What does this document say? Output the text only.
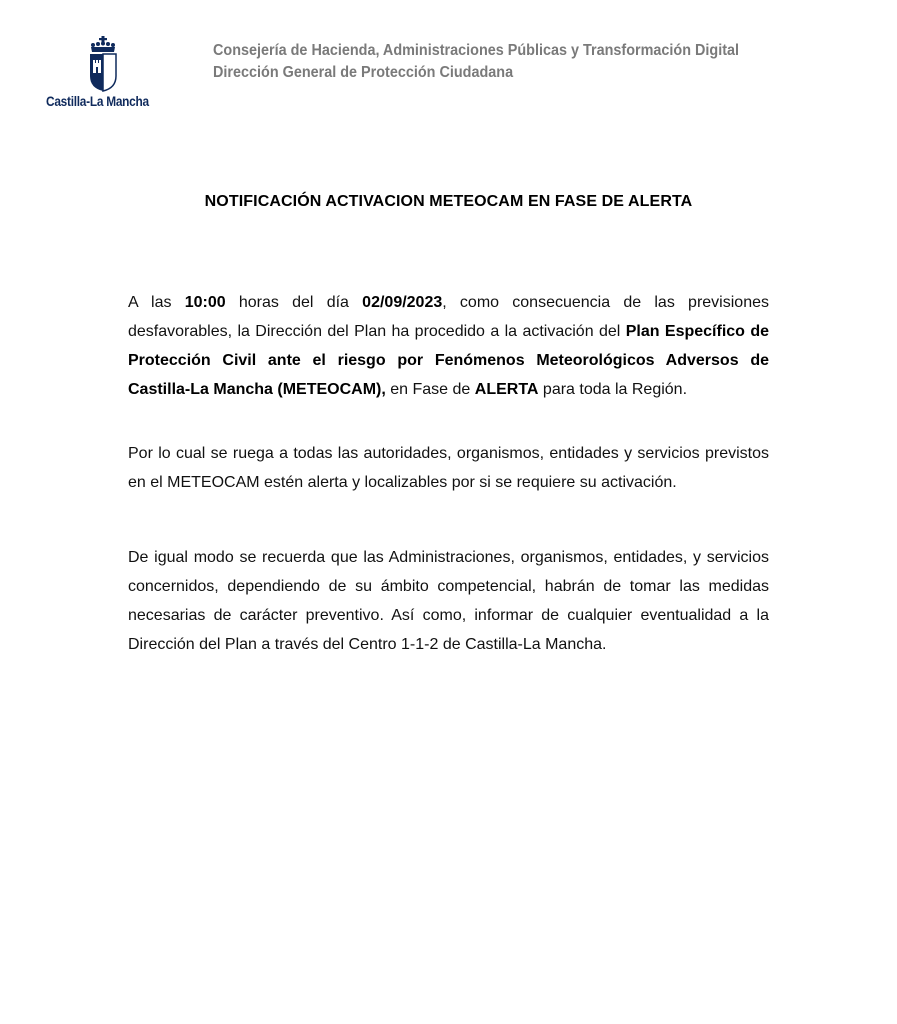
Castilla-La Mancha
Consejería de Hacienda, Administraciones Públicas y Transformación Digital
Dirección General de Protección Ciudadana
NOTIFICACIÓN ACTIVACION METEOCAM EN FASE DE ALERTA
A las 10:00 horas del día 02/09/2023, como consecuencia de las previsiones desfavorables, la Dirección del Plan ha procedido a la activación del Plan Específico de Protección Civil ante el riesgo por Fenómenos Meteorológicos Adversos de Castilla-La Mancha (METEOCAM), en Fase de ALERTA para toda la Región.
Por lo cual se ruega a todas las autoridades, organismos, entidades y servicios previstos en el METEOCAM estén alerta y localizables por si se requiere su activación.
De igual modo se recuerda que las Administraciones, organismos, entidades, y servicios concernidos, dependiendo de su ámbito competencial, habrán de tomar las medidas necesarias de carácter preventivo. Así como, informar de cualquier eventualidad a la Dirección del Plan a través del Centro 1-1-2 de Castilla-La Mancha.
